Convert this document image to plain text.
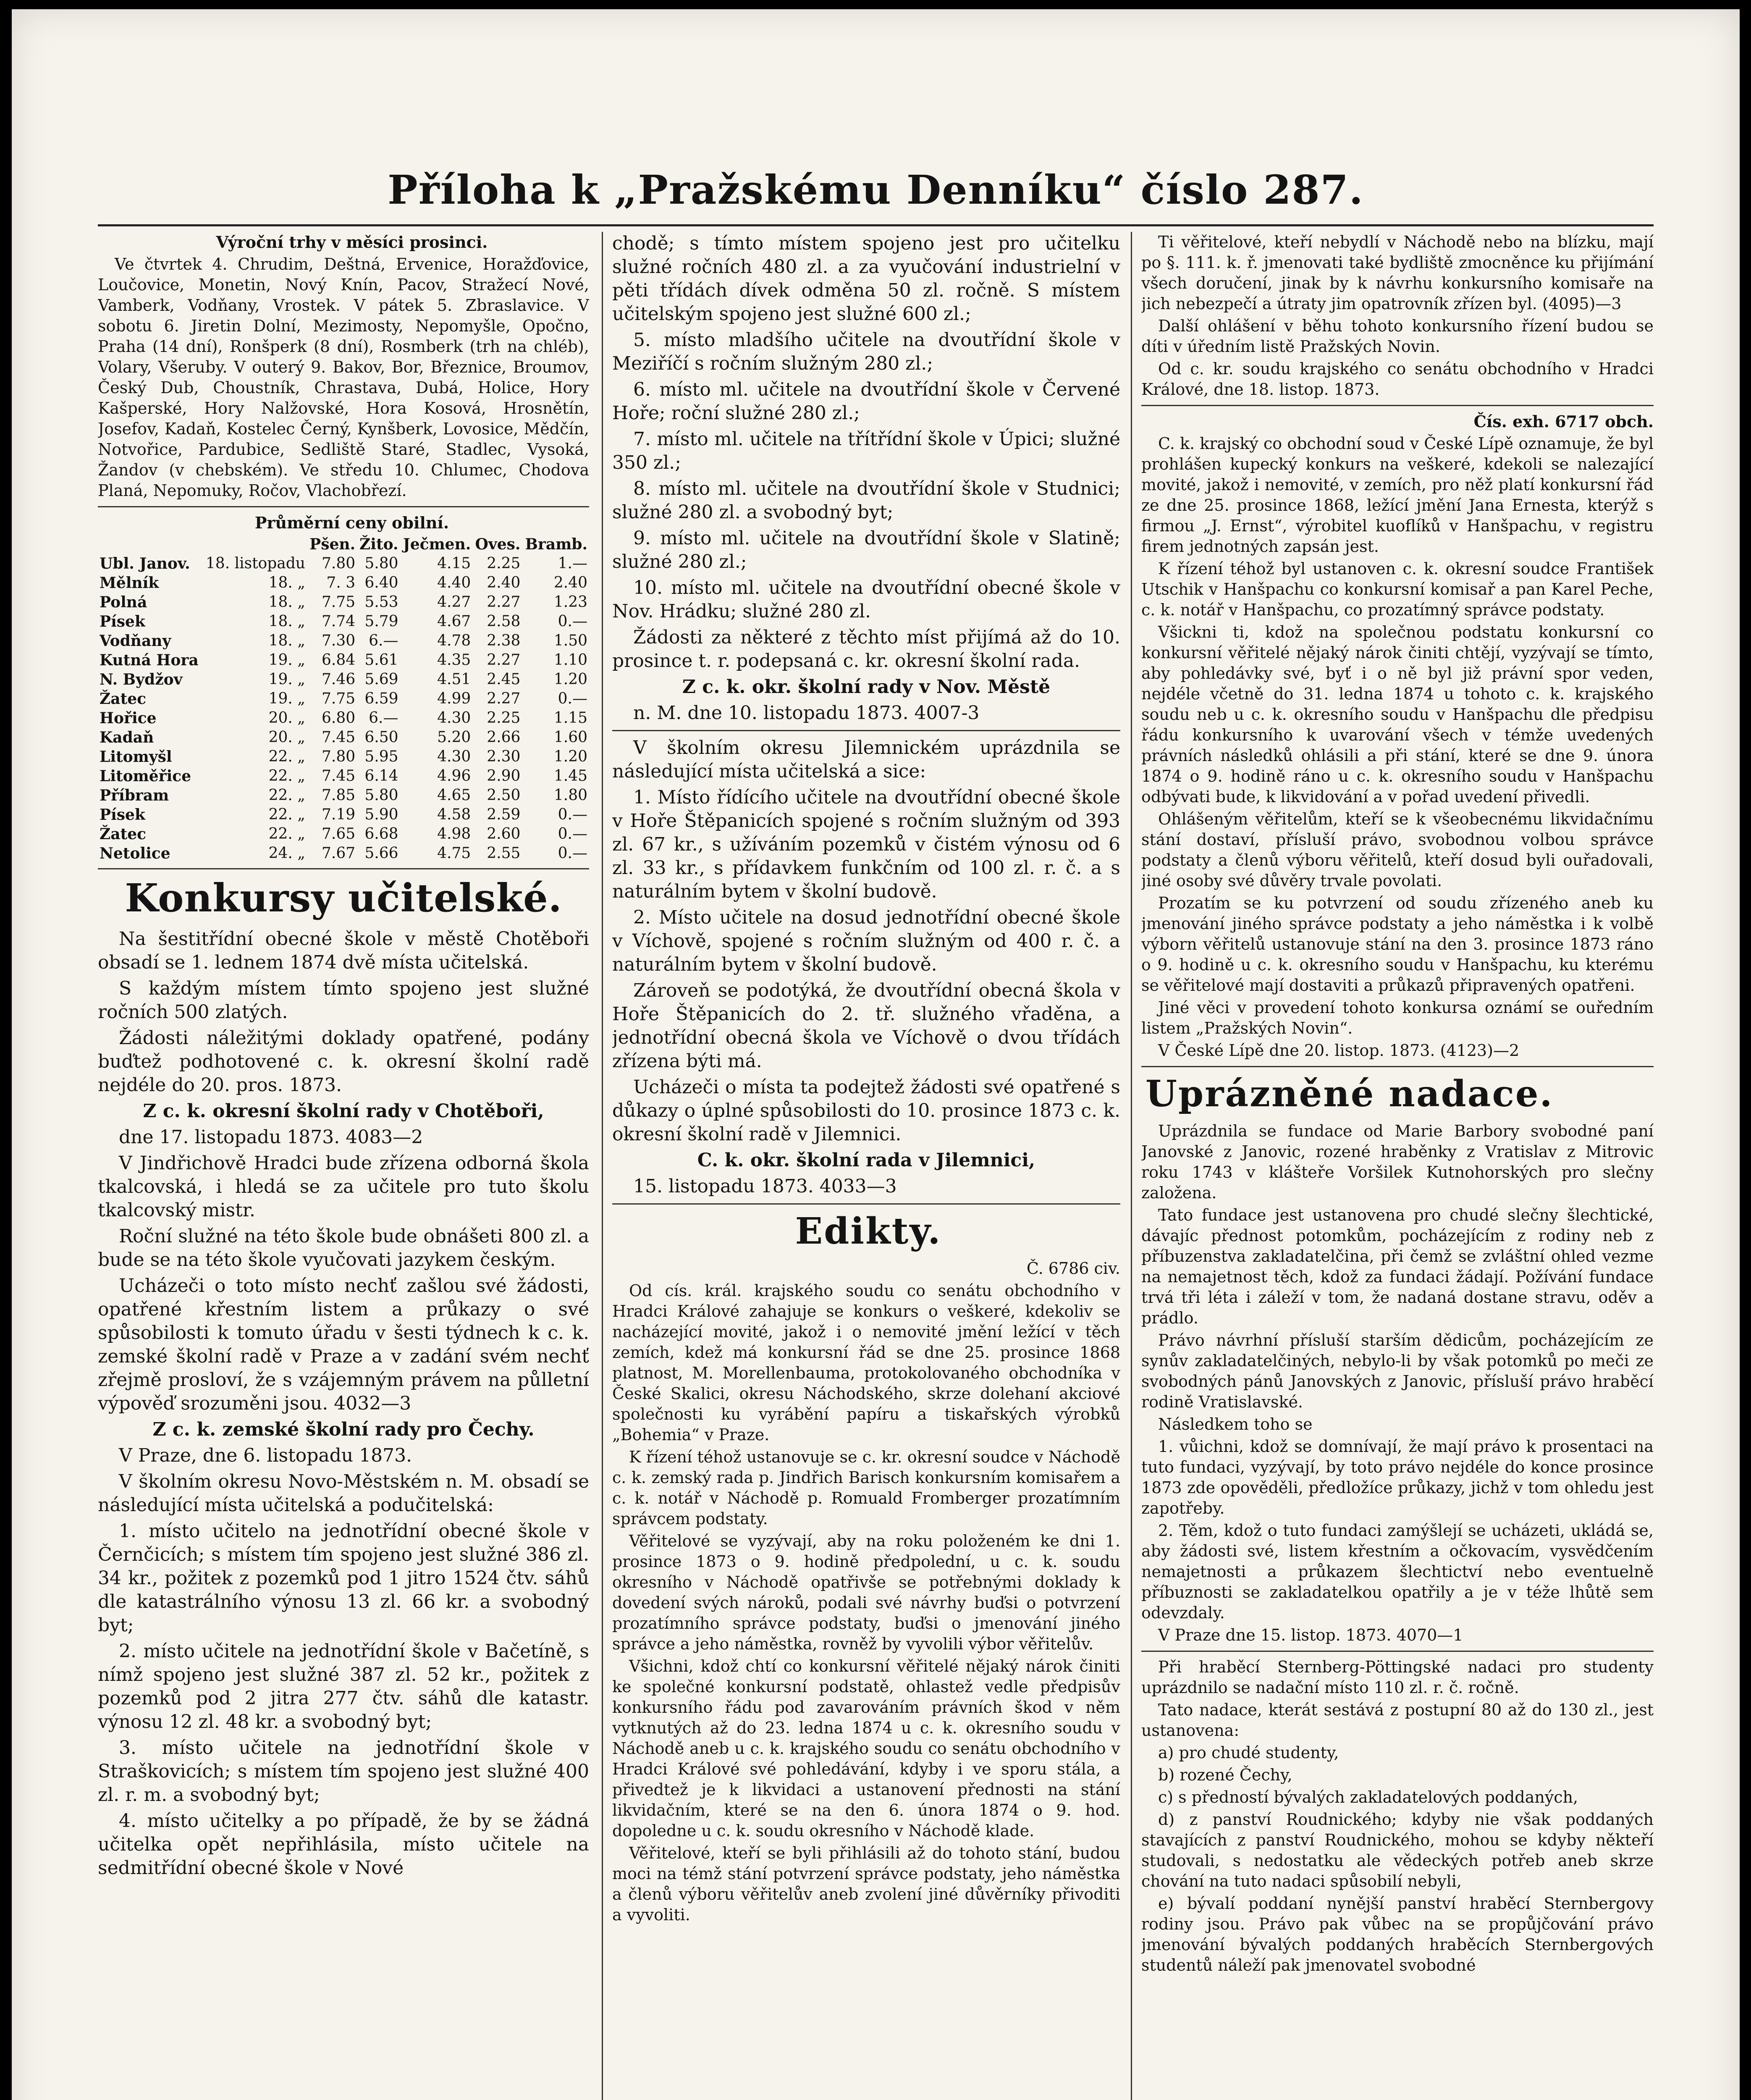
Příloha k „Pražskému Denníku“ číslo 287.

Výroční trhy v měsíci prosinci.

Ve čtvrtek 4. Chrudim, Deštná, Ervenice, Horažďovice, Loučovice, Monetin, Nový Knín, Pacov, Stražecí Nové, Vamberk, Vodňany, Vrostek. V pátek 5. Zbraslavice. V sobotu 6. Jiretin Dolní, Mezimosty, Nepomyšle, Opočno, Praha (14 dní), Ronšperk (8 dní), Rosmberk (trh na chléb), Volary, Všeruby. V outerý 9. Bakov, Bor, Březnice, Broumov, Český Dub, Choustník, Chrastava, Dubá, Holice, Hory Kašperské, Hory Nalžovské, Hora Kosová, Hrosnětín, Josefov, Kadaň, Kostelec Černý, Kynšberk, Lovosice, Mědčín, Notvořice, Pardubice, Sedliště Staré, Stadlec, Vysoká, Žandov (v chebském). Ve středu 10. Chlumec, Chodova Planá, Nepomuky, Ročov, Vlachobřezí.

Průměrní ceny obilní.

		Pšen.	Žito.	Ječmen.	Oves.	Bramb.
Ubl. Janov.	18. listopadu	7.80	5.80	4.15	2.25	1.—
Mělník	18. „	7. 3	6.40	4.40	2.40	2.40
Polná	18. „	7.75	5.53	4.27	2.27	1.23
Písek	18. „	7.74	5.79	4.67	2.58	0.—
Vodňany	18. „	7.30	6.—	4.78	2.38	1.50
Kutná Hora	19. „	6.84	5.61	4.35	2.27	1.10
N. Bydžov	19. „	7.46	5.69	4.51	2.45	1.20
Žatec	19. „	7.75	6.59	4.99	2.27	0.—
Hořice	20. „	6.80	6.—	4.30	2.25	1.15
Kadaň	20. „	7.45	6.50	5.20	2.66	1.60
Litomyšl	22. „	7.80	5.95	4.30	2.30	1.20
Litoměřice	22. „	7.45	6.14	4.96	2.90	1.45
Příbram	22. „	7.85	5.80	4.65	2.50	1.80
Písek	22. „	7.19	5.90	4.58	2.59	0.—
Žatec	22. „	7.65	6.68	4.98	2.60	0.—
Netolice	24. „	7.67	5.66	4.75	2.55	0.—
Konkursy učitelské.

Na šestitřídní obecné škole v městě Chotěboři obsadí se 1. lednem 1874 dvě místa učitelská.

S každým místem tímto spojeno jest služné ročních 500 zlatých.

Žádosti náležitými doklady opatřené, podány buďtež podhotovené c. k. okresní školní radě nejdéle do 20. pros. 1873.

Z c. k. okresní školní rady v Chotěboři,

dne 17. listopadu 1873. 4083—2

V Jindřichově Hradci bude zřízena odborná škola tkalcovská, i hledá se za učitele pro tuto školu tkalcovský mistr.

Roční služné na této škole bude obnášeti 800 zl. a bude se na této škole vyučovati jazykem českým.

Ucházeči o toto místo nechť zašlou své žádosti, opatřené křestním listem a průkazy o své spůsobilosti k tomuto úřadu v šesti týdnech k c. k. zemské školní radě v Praze a v zadání svém nechť zřejmě prosloví, že s vzájemným právem na půlletní výpověď srozuměni jsou. 4032—3

Z c. k. zemské školní rady pro Čechy.

V Praze, dne 6. listopadu 1873.

V školním okresu Novo-Městském n. M. obsadí se následující místa učitelská a podučitelská:

1. místo učitelo na jednotřídní obecné škole v Černčicích; s místem tím spojeno jest služné 386 zl. 34 kr., požitek z pozemků pod 1 jitro 1524 čtv. sáhů dle katastrálního výnosu 13 zl. 66 kr. a svobodný byt;

2. místo učitele na jednotřídní škole v Bačetíně, s nímž spojeno jest služné 387 zl. 52 kr., požitek z pozemků pod 2 jitra 277 čtv. sáhů dle katastr. výnosu 12 zl. 48 kr. a svobodný byt;

3. místo učitele na jednotřídní škole v Straškovicích; s místem tím spojeno jest služné 400 zl. r. m. a svobodný byt;

4. místo učitelky a po případě, že by se žádná učitelka opět nepřihlásila, místo učitele na sedmitřídní obecné škole v Nové

chodě; s tímto místem spojeno jest pro učitelku služné ročních 480 zl. a za vyučování industrielní v pěti třídách dívek odměna 50 zl. ročně. S místem učitelským spojeno jest služné 600 zl.;

5. místo mladšího učitele na dvoutřídní škole v Meziříčí s ročním služným 280 zl.;

6. místo ml. učitele na dvoutřídní škole v Červené Hoře; roční služné 280 zl.;

7. místo ml. učitele na třítřídní škole v Úpici; služné 350 zl.;

8. místo ml. učitele na dvoutřídní škole v Studnici; služné 280 zl. a svobodný byt;

9. místo ml. učitele na dvoutřídní škole v Slatině; služné 280 zl.;

10. místo ml. učitele na dvoutřídní obecné škole v Nov. Hrádku; služné 280 zl.

Žádosti za některé z těchto míst přijímá až do 10. prosince t. r. podepsaná c. kr. okresní školní rada.

Z c. k. okr. školní rady v Nov. Městě

n. M. dne 10. listopadu 1873. 4007-3

V školním okresu Jilemnickém uprázdnila se následující místa učitelská a sice:

1. Místo řídícího učitele na dvoutřídní obecné škole v Hoře Štěpanicích spojené s ročním služným od 393 zl. 67 kr., s užíváním pozemků v čistém výnosu od 6 zl. 33 kr., s přídavkem funkčním od 100 zl. r. č. a s naturálním bytem v školní budově.

2. Místo učitele na dosud jednotřídní obecné škole v Víchově, spojené s ročním služným od 400 r. č. a naturálním bytem v školní budově.

Zároveň se podotýká, že dvoutřídní obecná škola v Hoře Štěpanicích do 2. tř. služného vřaděna, a jednotřídní obecná škola ve Víchově o dvou třídách zřízena býti má.

Ucházeči o místa ta podejtež žádosti své opatřené s důkazy o úplné spůsobilosti do 10. prosince 1873 c. k. okresní školní radě v Jilemnici.

C. k. okr. školní rada v Jilemnici,

15. listopadu 1873. 4033—3

Edikty.

Č. 6786 civ.

Od cís. král. krajského soudu co senátu obchodního v Hradci Králové zahajuje se konkurs o veškeré, kdekoliv se nacházející movité, jakož i o nemovité jmění ležící v těch zemích, kdež má konkursní řád se dne 25. prosince 1868 platnost, M. Morellenbauma, protokolovaného obchodníka v České Skalici, okresu Náchodského, skrze dolehaní akciové společnosti ku vyrábění papíru a tiskařských výrobků „Bohemia“ v Praze.

K řízení téhož ustanovuje se c. kr. okresní soudce v Náchodě c. k. zemský rada p. Jindřich Barisch konkursním komisařem a c. k. notář v Náchodě p. Romuald Fromberger prozatímním správcem podstaty.

Věřitelové se vyzývají, aby na roku položeném ke dni 1. prosince 1873 o 9. hodině předpolední, u c. k. soudu okresního v Náchodě opatřivše se potřebnými doklady k dovedení svých nároků, podali své návrhy buďsi o potvrzení prozatímního správce podstaty, buďsi o jmenování jiného správce a jeho náměstka, rovněž by vyvolili výbor věřitelův.

Všichni, kdož chtí co konkursní věřitelé nějaký nárok činiti ke společné konkursní podstatě, ohlastež vedle předpisův konkursního řádu pod zavarováním právních škod v něm vytknutých až do 23. ledna 1874 u c. k. okresního soudu v Náchodě aneb u c. k. krajského soudu co senátu obchodního v Hradci Králové své pohledávání, kdyby i ve sporu stála, a přivedtež je k likvidaci a ustanovení přednosti na stání likvidačním, které se na den 6. února 1874 o 9. hod. dopoledne u c. k. soudu okresního v Náchodě klade.

Věřitelové, kteří se byli přihlásili až do tohoto stání, budou moci na témž stání potvrzení správce podstaty, jeho náměstka a členů výboru věřitelův aneb zvolení jiné důvěrníky přivoditi a vyvoliti.

Ti věřitelové, kteří nebydlí v Náchodě nebo na blízku, mají po §. 111. k. ř. jmenovati také bydliště zmocněnce ku přijímání všech doručení, jinak by k návrhu konkursního komisaře na jich nebezpečí a útraty jim opatrovník zřízen byl. (4095)—3

Další ohlášení v běhu tohoto konkursního řízení budou se díti v úředním listě Pražských Novin.

Od c. kr. soudu krajského co senátu obchodního v Hradci Králové, dne 18. listop. 1873.

Čís. exh. 6717 obch.

C. k. krajský co obchodní soud v České Lípě oznamuje, že byl prohlášen kupecký konkurs na veškeré, kdekoli se nalezající movité, jakož i nemovité, v zemích, pro něž platí konkursní řád ze dne 25. prosince 1868, ležící jmění Jana Ernesta, kterýž s firmou „J. Ernst“, výrobitel kuoflíků v Hanšpachu, v registru firem jednotných zapsán jest.

K řízení téhož byl ustanoven c. k. okresní soudce František Utschik v Hanšpachu co konkursní komisař a pan Karel Peche, c. k. notář v Hanšpachu, co prozatímný správce podstaty.

Všickni ti, kdož na společnou podstatu konkursní co konkursní věřitelé nějaký nárok činiti chtějí, vyzývají se tímto, aby pohledávky své, byť i o ně byl již právní spor veden, nejdéle včetně do 31. ledna 1874 u tohoto c. k. krajského soudu neb u c. k. okresního soudu v Hanšpachu dle předpisu řádu konkursního k uvarování všech v témže uvedených právních následků ohlásili a při stání, které se dne 9. února 1874 o 9. hodině ráno u c. k. okresního soudu v Hanšpachu odbývati bude, k likvidování a v pořad uvedení přivedli.

Ohlášeným věřitelům, kteří se k všeobecnému likvidačnímu stání dostaví, přísluší právo, svobodnou volbou správce podstaty a členů výboru věřitelů, kteří dosud byli ouřadovali, jiné osoby své důvěry trvale povolati.

Prozatím se ku potvrzení od soudu zřízeného aneb ku jmenování jiného správce podstaty a jeho náměstka i k volbě výborn věřitelů ustanovuje stání na den 3. prosince 1873 ráno o 9. hodině u c. k. okresního soudu v Hanšpachu, ku kterému se věřitelové mají dostaviti a průkazů připravených opatřeni.

Jiné věci v provedení tohoto konkursa oznámí se ouředním listem „Pražských Novin“.

V České Lípě dne 20. listop. 1873. (4123)—2

Uprázněné nadace.

Uprázdnila se fundace od Marie Barbory svobodné paní Janovské z Janovic, rozené hraběnky z Vratislav z Mitrovic roku 1743 v klášteře Voršilek Kutnohorských pro slečny založena.

Tato fundace jest ustanovena pro chudé slečny šlechtické, dávajíc přednost potomkům, pocházejícím z rodiny neb z příbuzenstva zakladatelčina, při čemž se zvláštní ohled vezme na nemajetnost těch, kdož za fundaci žádají. Požívání fundace trvá tři léta i záleží v tom, že nadaná dostane stravu, oděv a prádlo.

Právo návrhní přísluší starším dědicům, pocházejícím ze synův zakladatelčiných, nebylo-li by však potomků po meči ze svobodných pánů Janovských z Janovic, přísluší právo hraběcí rodině Vratislavské.

Následkem toho se

1. vůichni, kdož se domnívají, že mají právo k prosentaci na tuto fundaci, vyzývají, by toto právo nejdéle do konce prosince 1873 zde opověděli, předložíce průkazy, jichž v tom ohledu jest zapotřeby.

2. Těm, kdož o tuto fundaci zamýšlejí se ucházeti, ukládá se, aby žádosti své, listem křestním a očkovacím, vysvědčením nemajetnosti a průkazem šlechtictví nebo eventuelně příbuznosti se zakladatelkou opatřily a je v téže lhůtě sem odevzdaly.

V Praze dne 15. listop. 1873. 4070—1

Při hraběcí Sternberg-Pöttingské nadaci pro studenty uprázdnilo se nadační místo 110 zl. r. č. ročně.

Tato nadace, kterát sestává z postupní 80 až do 130 zl., jest ustanovena:

a) pro chudé studenty,

b) rozené Čechy,

c) s předností bývalých zakladatelových poddaných,

d) z panství Roudnického; kdyby nie však poddaných stavajících z panství Roudnického, mohou se kdyby někteří studovali, s nedostatku ale vědeckých potřeb aneb skrze chování na tuto nadaci spůsobilí nebyli,

e) bývalí poddaní nynější panství hraběcí Sternbergovy rodiny jsou. Právo pak vůbec na se propůjčování právo jmenování bývalých poddaných hraběcích Sternbergových studentů náleží pak jmenovatel svobodné
